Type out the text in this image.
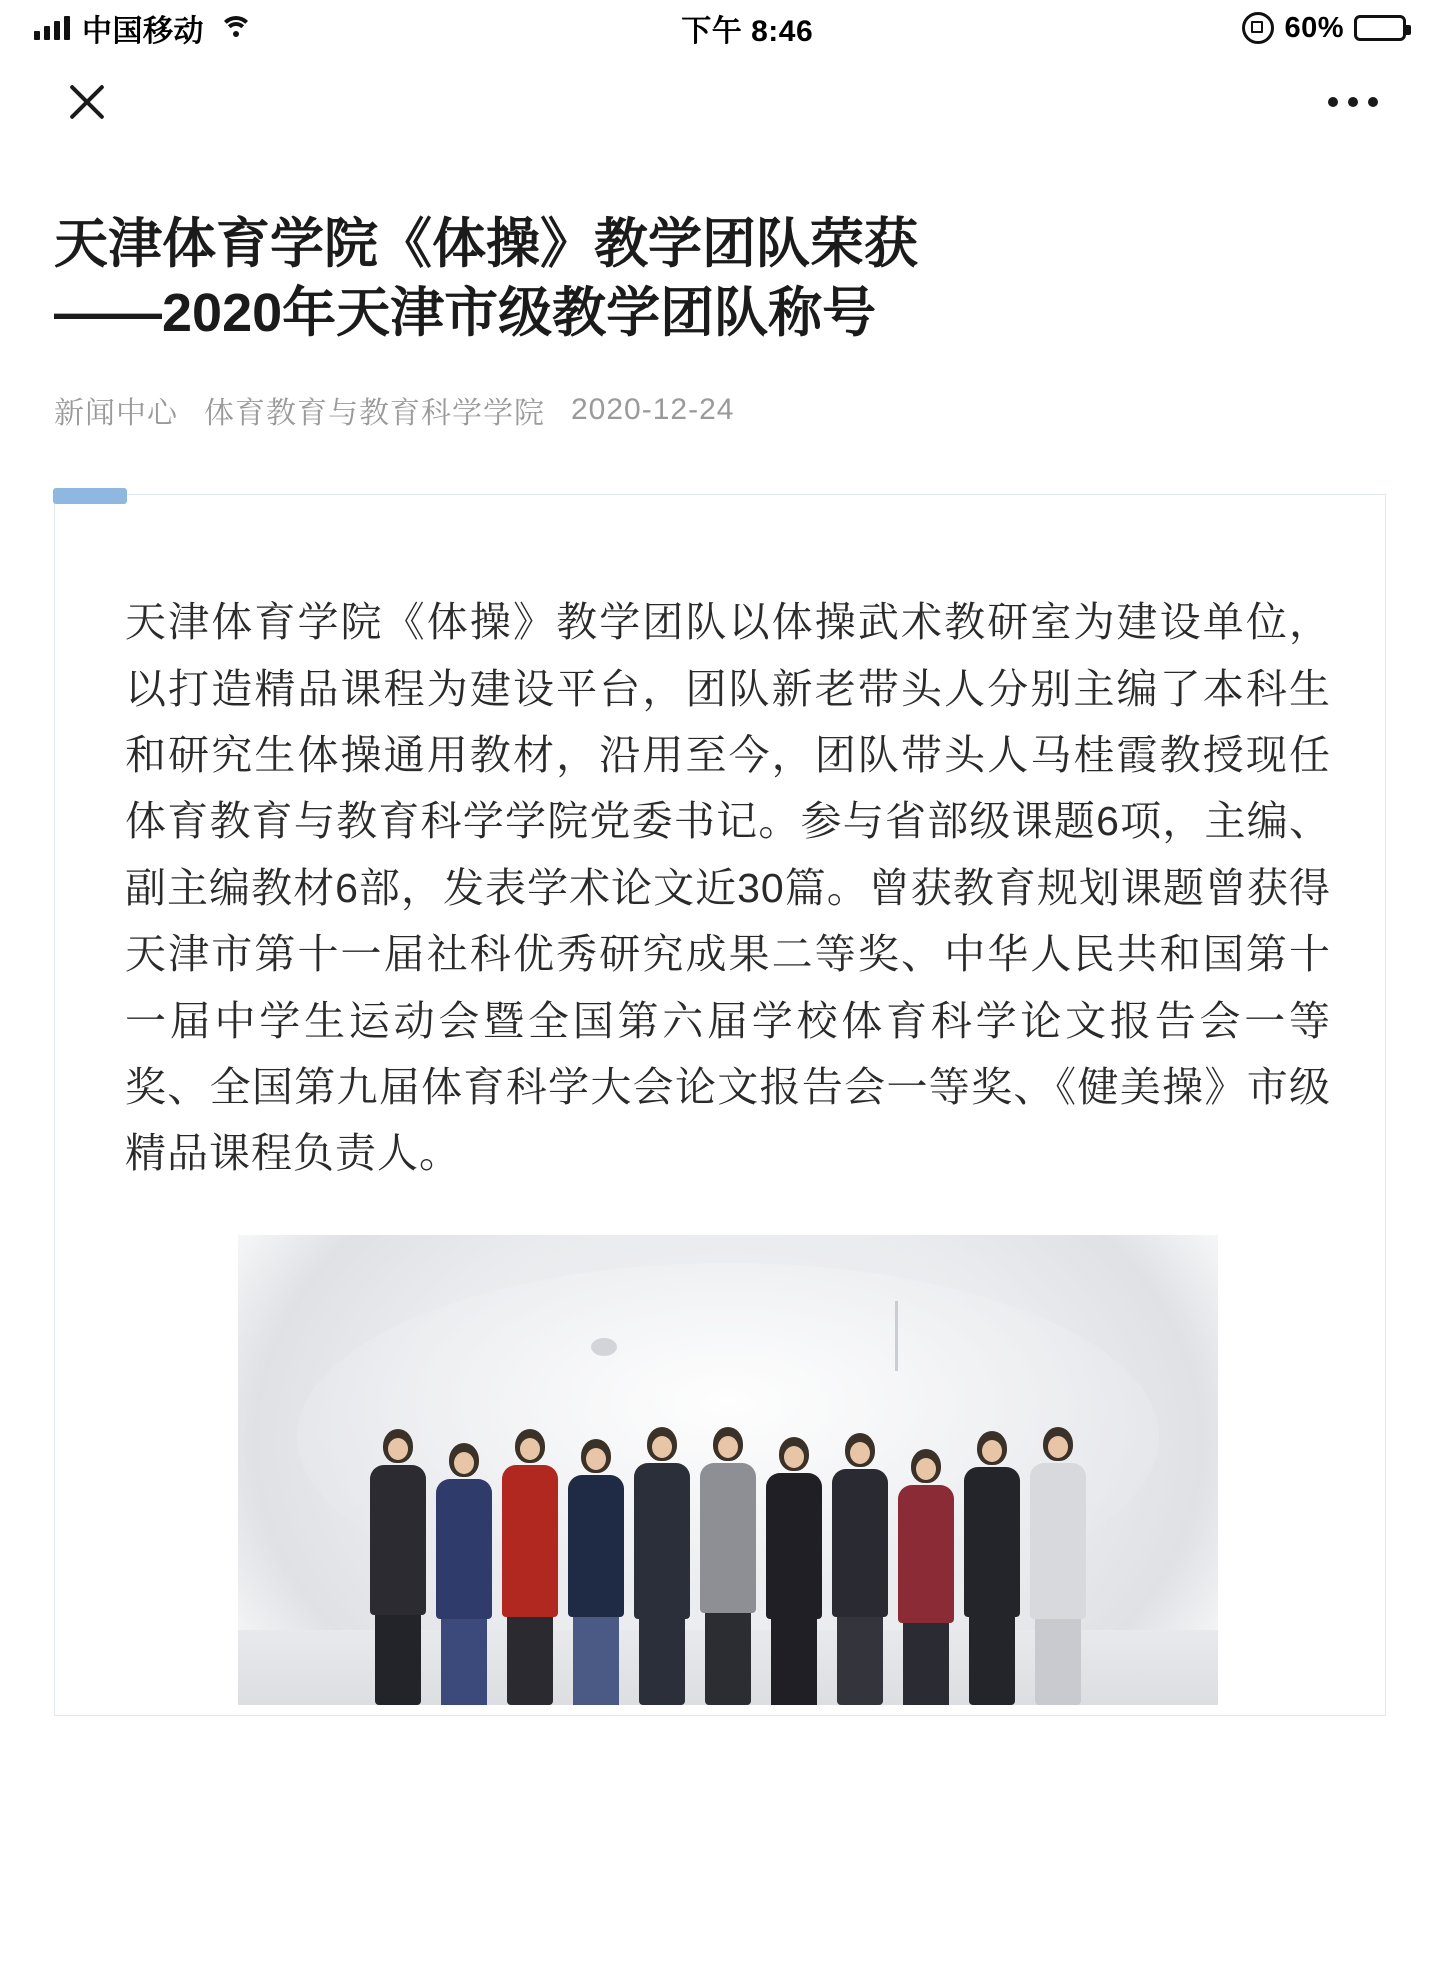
中国移动	下午 8:46	60%
天津体育学院《体操》教学团队荣获
——2020年天津市级教学团队称号
新闻中心 体育教育与教育科学学院 2020-12-24

天津体育学院《体操》教学团队以体操武术教研室为建设单位，以打造精品课程为建设平台，团队新老带头人分别主编了本科生和研究生体操通用教材，沿用至今，团队带头人马桂霞教授现任体育教育与教育科学学院党委书记。参与省部级课题6项，主编、副主编教材6部，发表学术论文近30篇。曾获教育规划课题曾获得天津市第十一届社科优秀研究成果二等奖、中华人民共和国第十一届中学生运动会暨全国第六届学校体育科学论文报告会一等奖、全国第九届体育科学大会论文报告会一等奖、《健美操》市级精品课程负责人。
